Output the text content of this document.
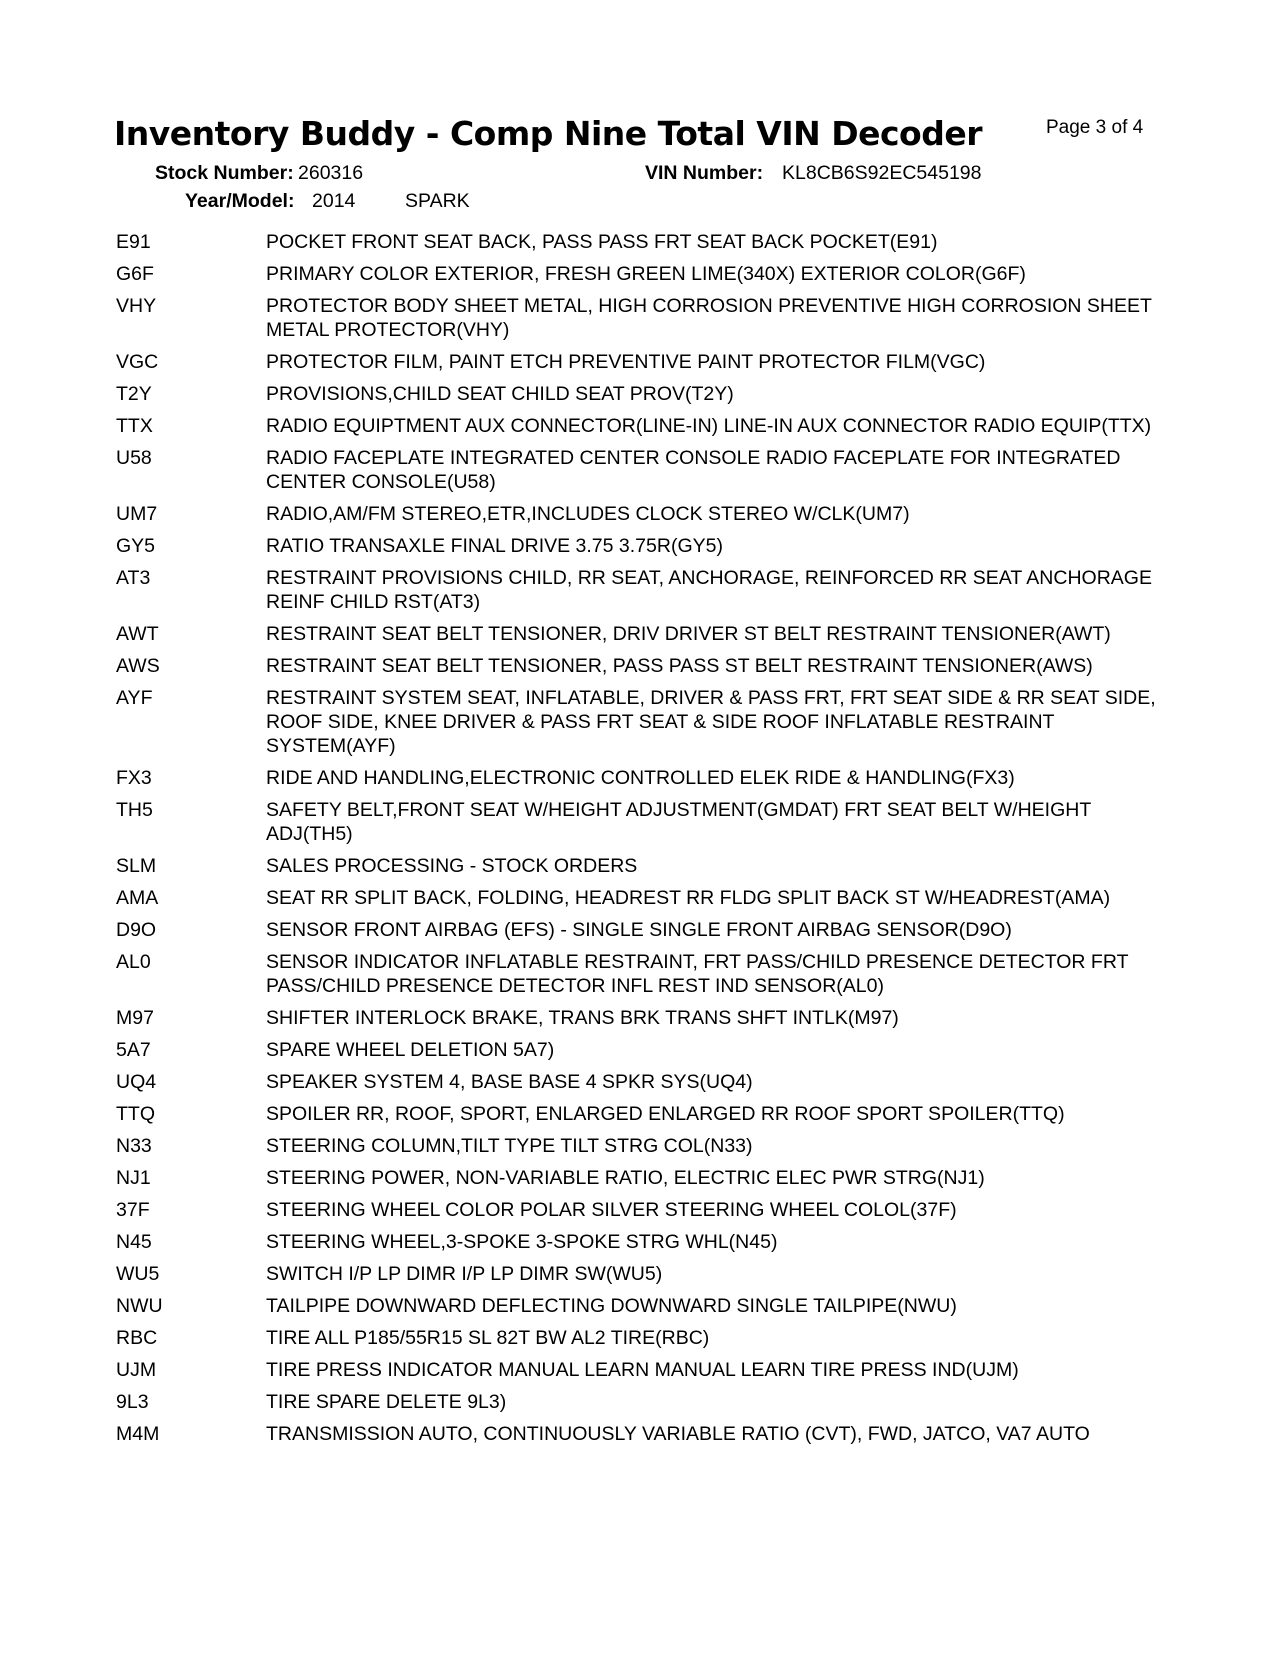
Inventory Buddy - Comp Nine Total VIN Decoder	Page 3 of 4
Stock Number: 260316	VIN Number: KL8CB6S92EC545198
Year/Model: 2014	SPARK
E91	POCKET FRONT SEAT BACK, PASS PASS FRT SEAT BACK POCKET(E91)
G6F	PRIMARY COLOR EXTERIOR, FRESH GREEN LIME(340X) EXTERIOR COLOR(G6F)
VHY	PROTECTOR BODY SHEET METAL, HIGH CORROSION PREVENTIVE HIGH CORROSION SHEET METAL PROTECTOR(VHY)
VGC	PROTECTOR FILM, PAINT ETCH PREVENTIVE PAINT PROTECTOR FILM(VGC)
T2Y	PROVISIONS,CHILD SEAT CHILD SEAT PROV(T2Y)
TTX	RADIO EQUIPTMENT AUX CONNECTOR(LINE-IN) LINE-IN AUX CONNECTOR RADIO EQUIP(TTX)
U58	RADIO FACEPLATE INTEGRATED CENTER CONSOLE RADIO FACEPLATE FOR INTEGRATED CENTER CONSOLE(U58)
UM7	RADIO,AM/FM STEREO,ETR,INCLUDES CLOCK STEREO W/CLK(UM7)
GY5	RATIO TRANSAXLE FINAL DRIVE 3.75 3.75R(GY5)
AT3	RESTRAINT PROVISIONS CHILD, RR SEAT, ANCHORAGE, REINFORCED RR SEAT ANCHORAGE REINF CHILD RST(AT3)
AWT	RESTRAINT SEAT BELT TENSIONER, DRIV DRIVER ST BELT RESTRAINT TENSIONER(AWT)
AWS	RESTRAINT SEAT BELT TENSIONER, PASS PASS ST BELT RESTRAINT TENSIONER(AWS)
AYF	RESTRAINT SYSTEM SEAT, INFLATABLE, DRIVER & PASS FRT, FRT SEAT SIDE & RR SEAT SIDE, ROOF SIDE, KNEE DRIVER & PASS FRT SEAT & SIDE ROOF INFLATABLE RESTRAINT SYSTEM(AYF)
FX3	RIDE AND HANDLING,ELECTRONIC CONTROLLED ELEK RIDE & HANDLING(FX3)
TH5	SAFETY BELT,FRONT SEAT W/HEIGHT ADJUSTMENT(GMDAT) FRT SEAT BELT W/HEIGHT ADJ(TH5)
SLM	SALES PROCESSING - STOCK ORDERS
AMA	SEAT RR SPLIT BACK, FOLDING, HEADREST RR FLDG SPLIT BACK ST W/HEADREST(AMA)
D9O	SENSOR FRONT AIRBAG (EFS) - SINGLE SINGLE FRONT AIRBAG SENSOR(D9O)
AL0	SENSOR INDICATOR INFLATABLE RESTRAINT, FRT PASS/CHILD PRESENCE DETECTOR FRT PASS/CHILD PRESENCE DETECTOR INFL REST IND SENSOR(AL0)
M97	SHIFTER INTERLOCK BRAKE, TRANS BRK TRANS SHFT INTLK(M97)
5A7	SPARE WHEEL DELETION 5A7)
UQ4	SPEAKER SYSTEM 4, BASE BASE 4 SPKR SYS(UQ4)
TTQ	SPOILER RR, ROOF, SPORT, ENLARGED ENLARGED RR ROOF SPORT SPOILER(TTQ)
N33	STEERING COLUMN,TILT TYPE TILT STRG COL(N33)
NJ1	STEERING POWER, NON-VARIABLE RATIO, ELECTRIC ELEC PWR STRG(NJ1)
37F	STEERING WHEEL COLOR POLAR SILVER STEERING WHEEL COLOL(37F)
N45	STEERING WHEEL,3-SPOKE 3-SPOKE STRG WHL(N45)
WU5	SWITCH I/P LP DIMR I/P LP DIMR SW(WU5)
NWU	TAILPIPE DOWNWARD DEFLECTING DOWNWARD SINGLE TAILPIPE(NWU)
RBC	TIRE ALL P185/55R15 SL 82T BW AL2 TIRE(RBC)
UJM	TIRE PRESS INDICATOR MANUAL LEARN MANUAL LEARN TIRE PRESS IND(UJM)
9L3	TIRE SPARE DELETE 9L3)
M4M	TRANSMISSION AUTO, CONTINUOUSLY VARIABLE RATIO (CVT), FWD, JATCO, VA7 AUTO
